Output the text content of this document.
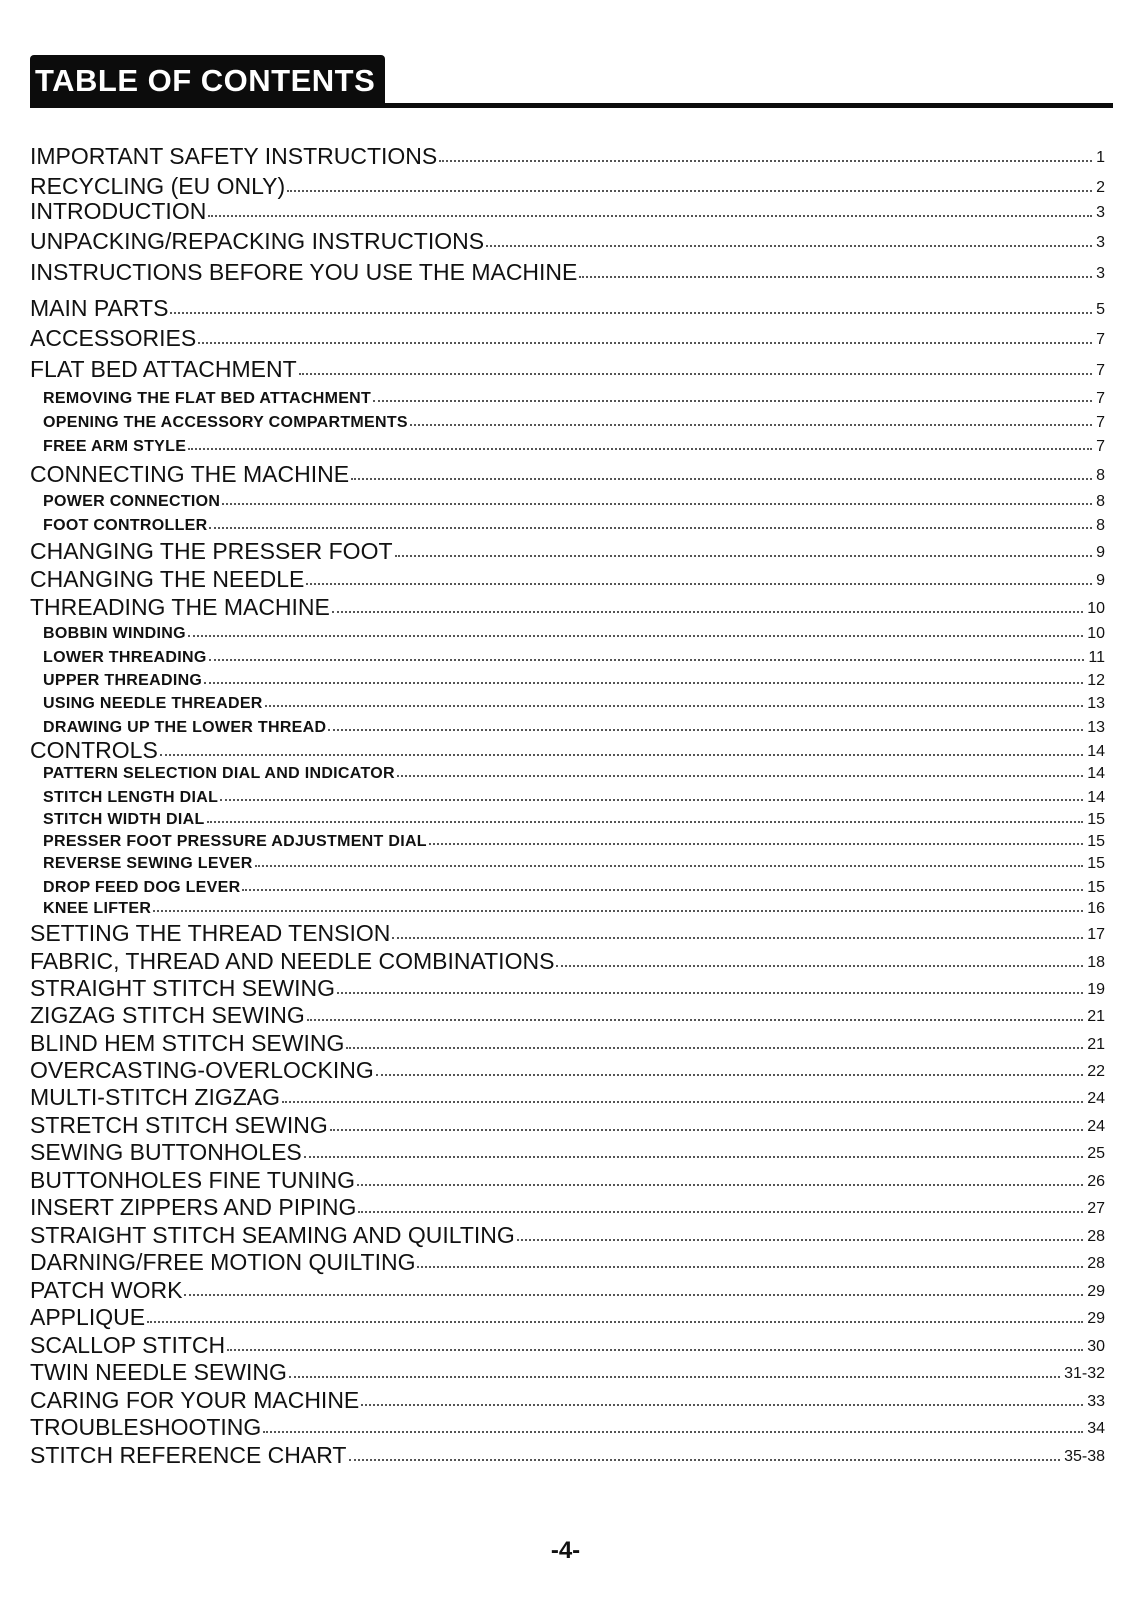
TABLE OF CONTENTS
IMPORTANT SAFETY INSTRUCTIONS	1
RECYCLING (EU ONLY)	2
INTRODUCTION	3
UNPACKING/REPACKING INSTRUCTIONS	3
INSTRUCTIONS BEFORE YOU USE THE MACHINE	3
MAIN PARTS	5
ACCESSORIES	7
FLAT BED ATTACHMENT	7
REMOVING THE FLAT BED ATTACHMENT	7
OPENING THE ACCESSORY COMPARTMENTS	7
FREE ARM STYLE	7
CONNECTING THE MACHINE	8
POWER CONNECTION	8
FOOT CONTROLLER	8
CHANGING THE PRESSER FOOT	9
CHANGING THE NEEDLE	9
THREADING THE MACHINE	10
BOBBIN WINDING	10
LOWER THREADING	11
UPPER THREADING	12
USING NEEDLE THREADER	13
DRAWING UP THE LOWER THREAD	13
CONTROLS	14
PATTERN SELECTION DIAL AND INDICATOR	14
STITCH LENGTH DIAL	14
STITCH WIDTH DIAL	15
PRESSER FOOT PRESSURE ADJUSTMENT DIAL	15
REVERSE SEWING LEVER	15
DROP FEED DOG LEVER	15
KNEE LIFTER	16
SETTING THE THREAD TENSION	17
FABRIC, THREAD AND NEEDLE COMBINATIONS	18
STRAIGHT STITCH SEWING	19
ZIGZAG STITCH SEWING	21
BLIND HEM STITCH SEWING	21
OVERCASTING-OVERLOCKING	22
MULTI-STITCH ZIGZAG	24
STRETCH STITCH SEWING	24
SEWING BUTTONHOLES	25
BUTTONHOLES FINE TUNING	26
INSERT ZIPPERS AND PIPING	27
STRAIGHT STITCH SEAMING AND QUILTING	28
DARNING/FREE MOTION QUILTING	28
PATCH WORK	29
APPLIQUE	29
SCALLOP STITCH	30
TWIN NEEDLE SEWING	31-32
CARING FOR YOUR MACHINE	33
TROUBLESHOOTING	34
STITCH REFERENCE CHART	35-38
-4-
